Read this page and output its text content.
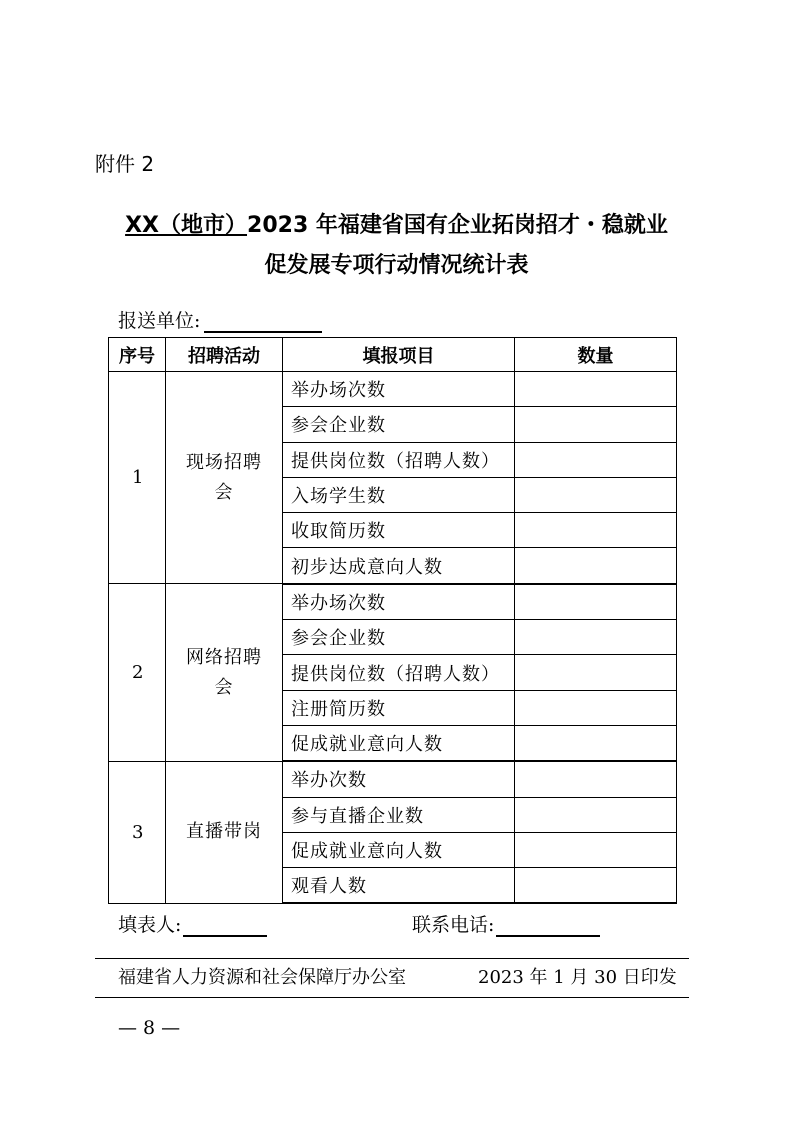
附件 2
XX（地市）2023 年福建省国有企业拓岗招才・稳就业
促发展专项行动情况统计表
报送单位:
序号	招聘活动	填报项目	数量
1	现场招聘会	举办场次数	
		参会企业数	
		提供岗位数（招聘人数）	
		入场学生数	
		收取简历数	
		初步达成意向人数	
2	网络招聘会	举办场次数	
		参会企业数	
		提供岗位数（招聘人数）	
		注册简历数	
		促成就业意向人数	
3	直播带岗	举办次数	
		参与直播企业数	
		促成就业意向人数	
		观看人数	
填表人:	联系电话:
福建省人力资源和社会保障厅办公室	2023 年 1 月 30 日印发
— 8 —
